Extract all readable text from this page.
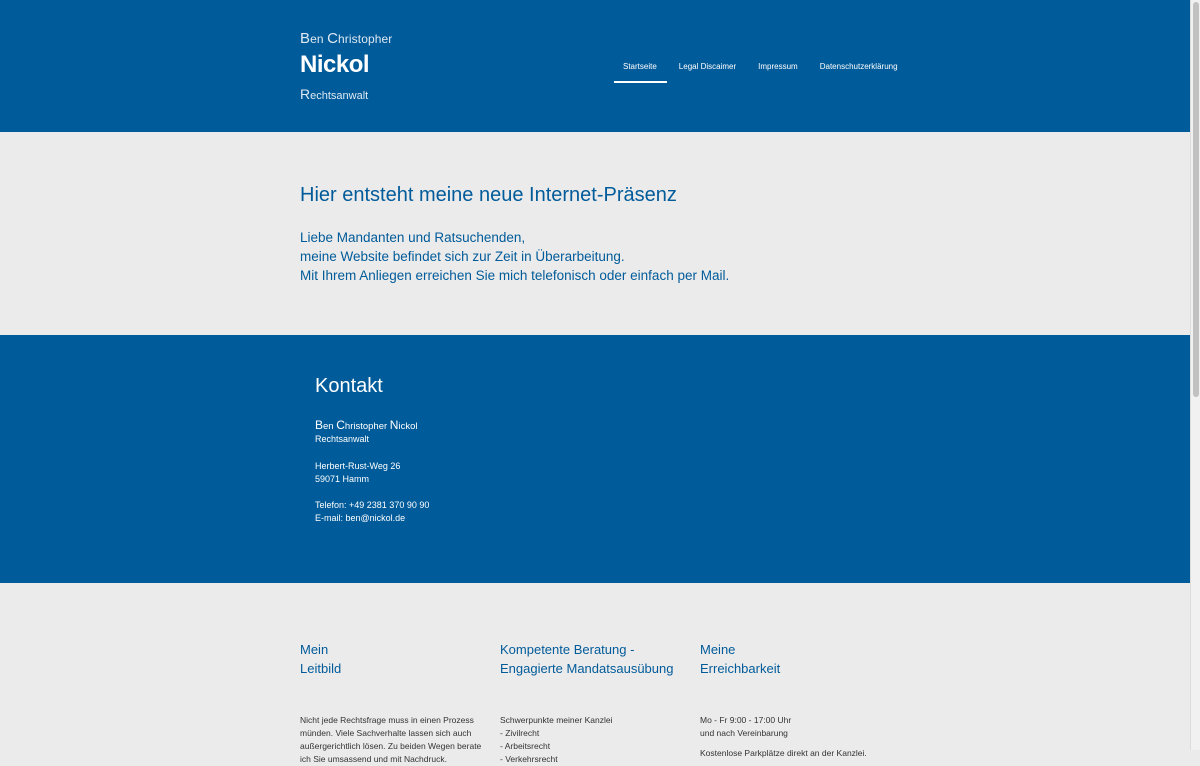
Ben Christopher
Nickol
Rechtsanwalt
Startseite	Legal Discaimer	Impressum	Datenschutzerklärung
Hier entsteht meine neue Internet-Präsenz
Liebe Mandanten und Ratsuchenden,
meine Website befindet sich zur Zeit in Überarbeitung.
Mit Ihrem Anliegen erreichen Sie mich telefonisch oder einfach per Mail.
Kontakt
Ben Christopher Nickol
Rechtsanwalt
Herbert-Rust-Weg 26
59071 Hamm
Telefon: +49 2381 370 90 90
E-mail: ben@nickol.de
Mein
Leitbild
Nicht jede Rechtsfrage muss in einen Prozess
münden. Viele Sachverhalte lassen sich auch
außergerichtlich lösen. Zu beiden Wegen berate
ich Sie umsassend und mit Nachdruck.
Kompetente Beratung -
Engagierte Mandatsausübung
Schwerpunkte meiner Kanzlei
- Zivilrecht
- Arbeitsrecht
- Verkehrsrecht
Meine
Erreichbarkeit
Mo - Fr 9:00 - 17:00 Uhr
und nach Vereinbarung
Kostenlose Parkplätze direkt an der Kanzlei.
